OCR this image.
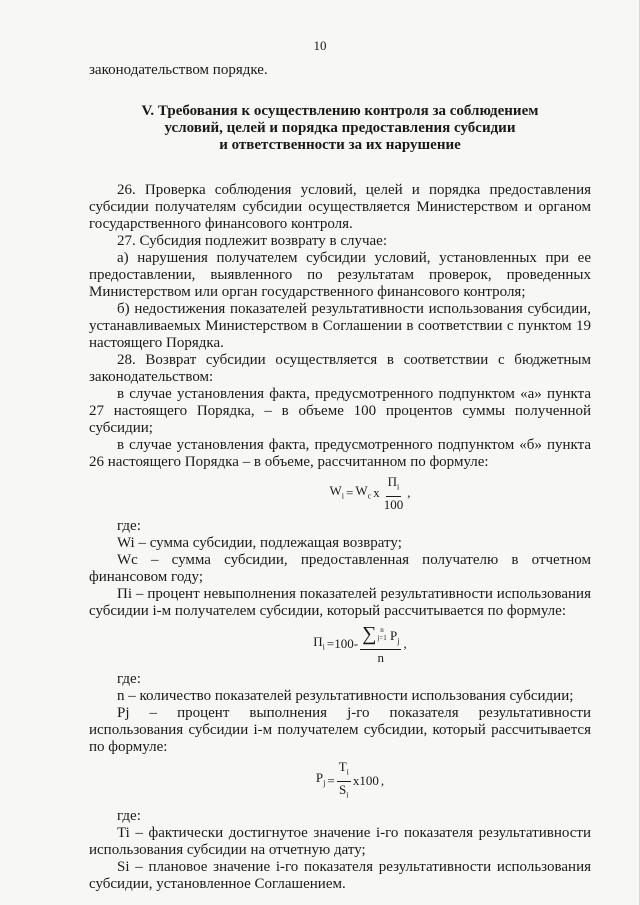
10

законодательством порядке.

V. Требования к осуществлению контроля за соблюдением
условий, целей и порядка предоставления субсидии
и ответственности за их нарушение

26. Проверка соблюдения условий, целей и порядка предоставления субсидии получателям субсидии осуществляется Министерством и органом государственного финансового контроля.

27. Субсидия подлежит возврату в случае:

а) нарушения получателем субсидии условий, установленных при ее предоставлении, выявленного по результатам проверок, проведенных Министерством или орган государственного финансового контроля;

б) недостижения показателей результативности использования субсидии, устанавливаемых Министерством в Соглашении в соответствии с пунктом 19 настоящего Порядка.

28. Возврат субсидии осуществляется в соответствии с бюджетным законодательством:

в случае установления факта, предусмотренного подпунктом «а» пункта 27 настоящего Порядка, – в объеме 100 процентов суммы полученной субсидии;

в случае установления факта, предусмотренного подпунктом «б» пункта 26 настоящего Порядка – в объеме, рассчитанном по формуле:

$W_i = W_c$ x $\frac{П_i}{100}$ ,

где:

Wi – сумма субсидии, подлежащая возврату;

Wc – сумма субсидии, предоставленная получателю в отчетном финансовом году;

Пi – процент невыполнения показателей результативности использования субсидии i-м получателем субсидии, который рассчитывается по формуле:

$П_i =100-$ ∑ n
j=1 $P_j$
n
,

где:

n – количество показателей результативности использования субсидии;

Pj – процент выполнения j-го показателя результативности использования субсидии i-м получателем субсидии, который рассчитывается по формуле:

$P_j = \frac{T_i}{S_i} x100$ ,

где:

Ti – фактически достигнутое значение i-го показателя результативности использования субсидии на отчетную дату;

Si – плановое значение i-го показателя результативности использования субсидии, установленное Соглашением.
